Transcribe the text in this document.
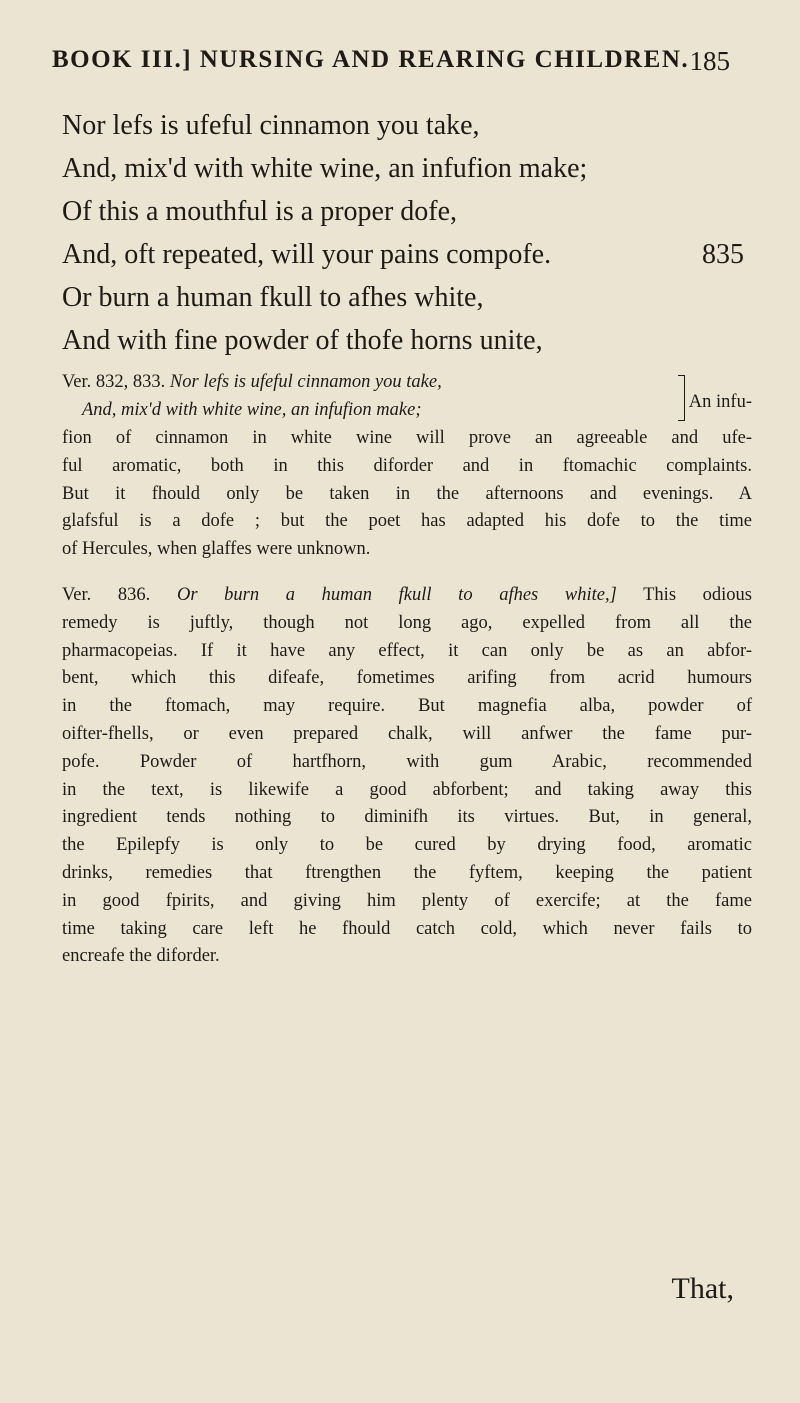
BOOK III.] NURSING AND REARING CHILDREN. 185
Nor lefs is ufeful cinnamon you take,
And, mix'd with white wine, an infufion make;
Of this a mouthful is a proper dofe,
And, oft repeated, will your pains compofe.	835
Or burn a human fkull to afhes white,
And with fine powder of thofe horns unite,
Ver. 832, 833. Nor lefs is ufeful cinnamon you take,
And, mix'd with white wine, an infufion make;	An infu-
fion of cinnamon in white wine will prove an agreeable and ufe-
ful aromatic, both in this diforder and in ftomachic complaints.
But it fhould only be taken in the afternoons and evenings. A
glafsful is a dofe ; but the poet has adapted his dofe to the time
of Hercules, when glaffes were unknown.
Ver. 836. Or burn a human fkull to afhes white,] This odious
remedy is juftly, though not long ago, expelled from all the
pharmacopeias. If it have any effect, it can only be as an abfor-
bent, which this difeafe, fometimes arifing from acrid humours
in the ftomach, may require. But magnefia alba, powder of
oifter-fhells, or even prepared chalk, will anfwer the fame pur-
pofe. Powder of hartfhorn, with gum Arabic, recommended
in the text, is likewife a good abforbent; and taking away this
ingredient tends nothing to diminifh its virtues. But, in general,
the Epilepfy is only to be cured by drying food, aromatic
drinks, remedies that ftrengthen the fyftem, keeping the patient
in good fpirits, and giving him plenty of exercife; at the fame
time taking care left he fhould catch cold, which never fails to
encreafe the diforder.
That,
